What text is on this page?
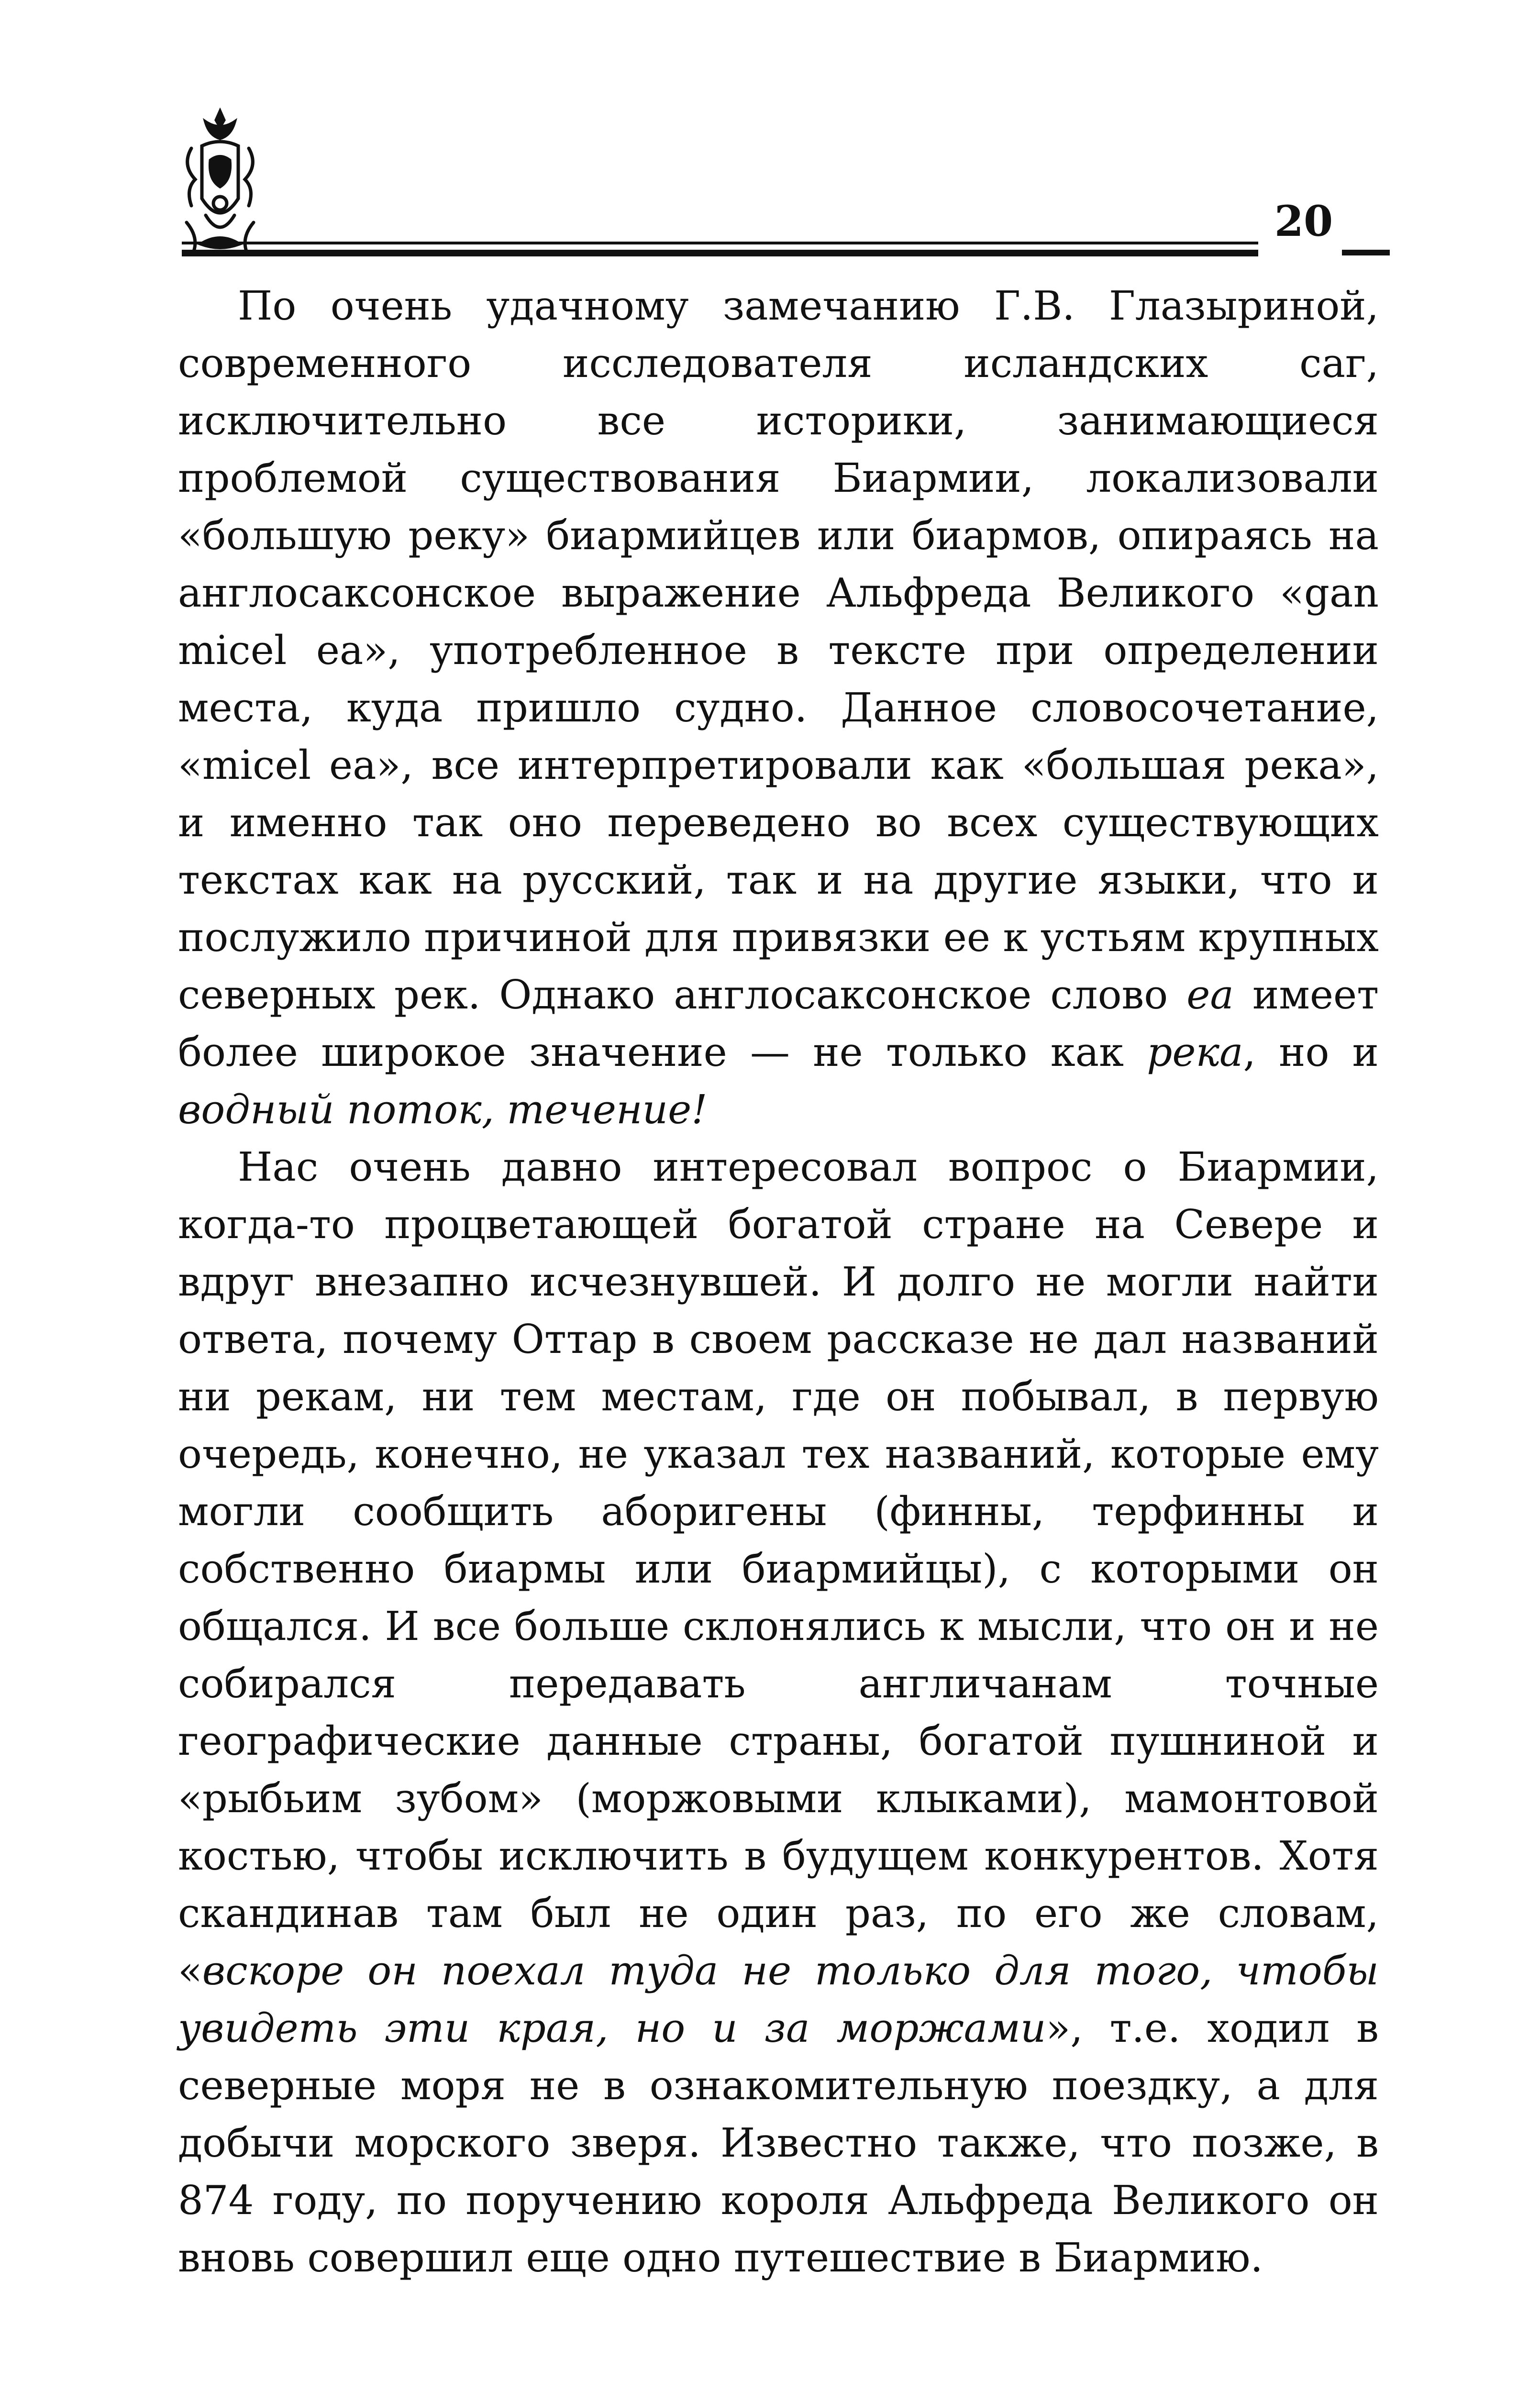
20

По очень удачному замечанию Г.В. Глазыриной, современного исследователя исландских саг, исключительно все историки, занимающиеся проблемой существования Биармии, локализовали «большую реку» биармийцев или биармов, опираясь на англосаксонское выражение Альфреда Великого «gan micel ea», употребленное в тексте при определении места, куда пришло судно. Данное словосочетание, «micel ea», все интерпретировали как «большая река», и именно так оно переведено во всех существующих текстах как на русский, так и на другие языки, что и послужило причиной для привязки ее к устьям крупных северных рек. Однако англосаксонское слово еа имеет более широкое значение — не только как река, но и водный поток, течение!

Нас очень давно интересовал вопрос о Биармии, когда-то процветающей богатой стране на Севере и вдруг внезапно исчезнувшей. И долго не могли найти ответа, почему Оттар в своем рассказе не дал названий ни рекам, ни тем местам, где он побывал, в первую очередь, конечно, не указал тех названий, которые ему могли сообщить аборигены (финны, терфинны и собственно биармы или биармийцы), с которыми он общался. И все больше склонялись к мысли, что он и не собирался передавать англичанам точные географические данные страны, богатой пушниной и «рыбьим зубом» (моржовыми клыками), мамонтовой костью, чтобы исключить в будущем конкурентов. Хотя скандинав там был не один раз, по его же словам, «вскоре он поехал туда не только для того, чтобы увидеть эти края, но и за моржами», т.е. ходил в северные моря не в ознакомительную поездку, а для добычи морского зверя. Известно также, что позже, в 874 году, по поручению короля Альфреда Великого он вновь совершил еще одно путешествие в Биармию.
